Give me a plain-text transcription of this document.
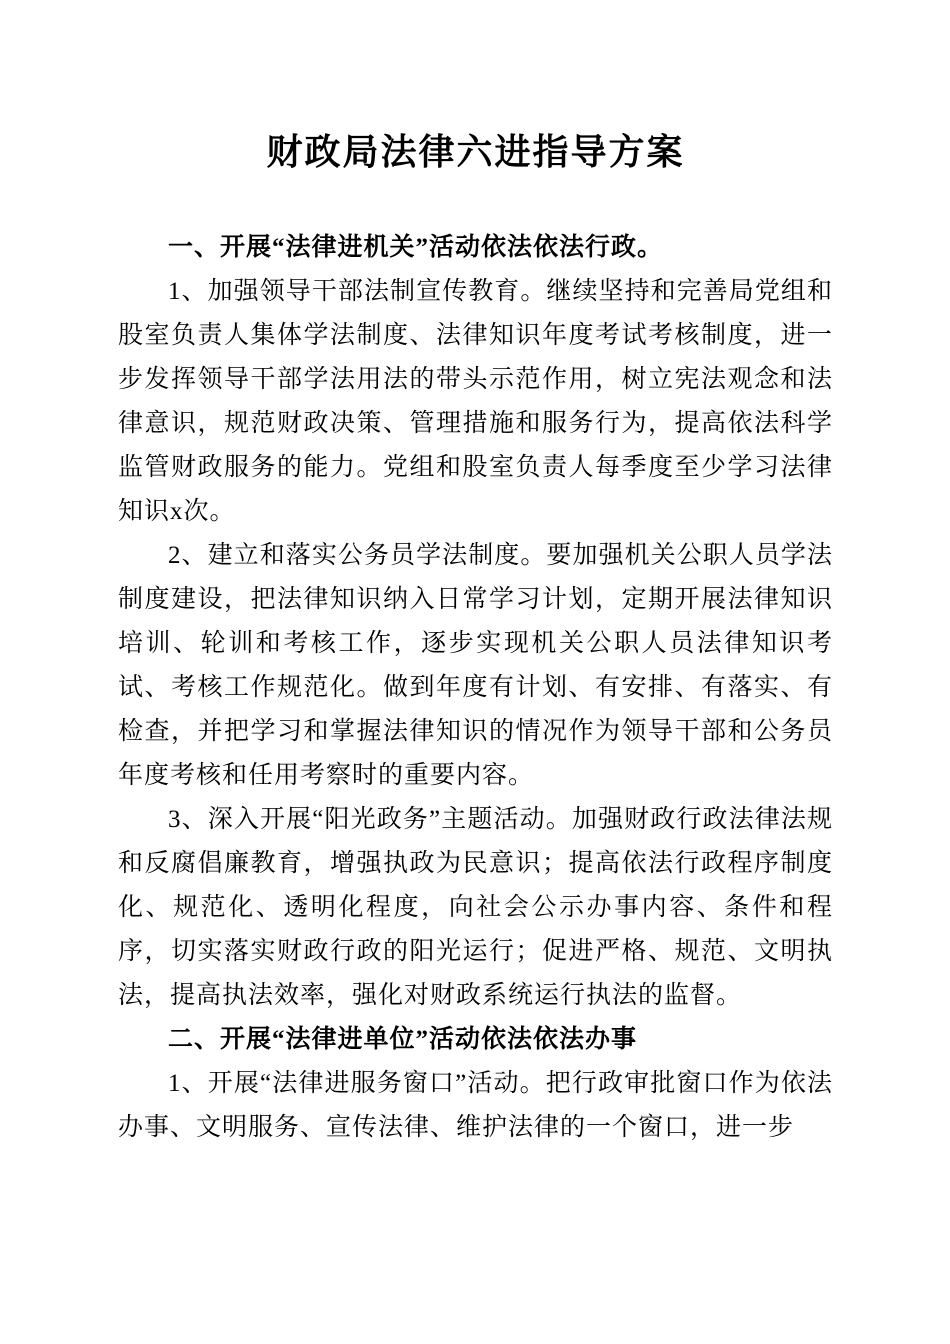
财政局法律六进指导方案

一、开展“法律进机关”活动依法依法行政。

1、加强领导干部法制宣传教育。继续坚持和完善局党组和股室负责人集体学法制度、法律知识年度考试考核制度，进一步发挥领导干部学法用法的带头示范作用，树立宪法观念和法律意识，规范财政决策、管理措施和服务行为，提高依法科学监管财政服务的能力。党组和股室负责人每季度至少学习法律知识x次。

2、建立和落实公务员学法制度。要加强机关公职人员学法制度建设，把法律知识纳入日常学习计划，定期开展法律知识培训、轮训和考核工作，逐步实现机关公职人员法律知识考试、考核工作规范化。做到年度有计划、有安排、有落实、有检查，并把学习和掌握法律知识的情况作为领导干部和公务员年度考核和任用考察时的重要内容。

3、深入开展“阳光政务”主题活动。加强财政行政法律法规和反腐倡廉教育，增强执政为民意识；提高依法行政程序制度化、规范化、透明化程度，向社会公示办事内容、条件和程序，切实落实财政行政的阳光运行；促进严格、规范、文明执法，提高执法效率，强化对财政系统运行执法的监督。

二、开展“法律进单位”活动依法依法办事

1、开展“法律进服务窗口”活动。把行政审批窗口作为依法办事、文明服务、宣传法律、维护法律的一个窗口，进一步
